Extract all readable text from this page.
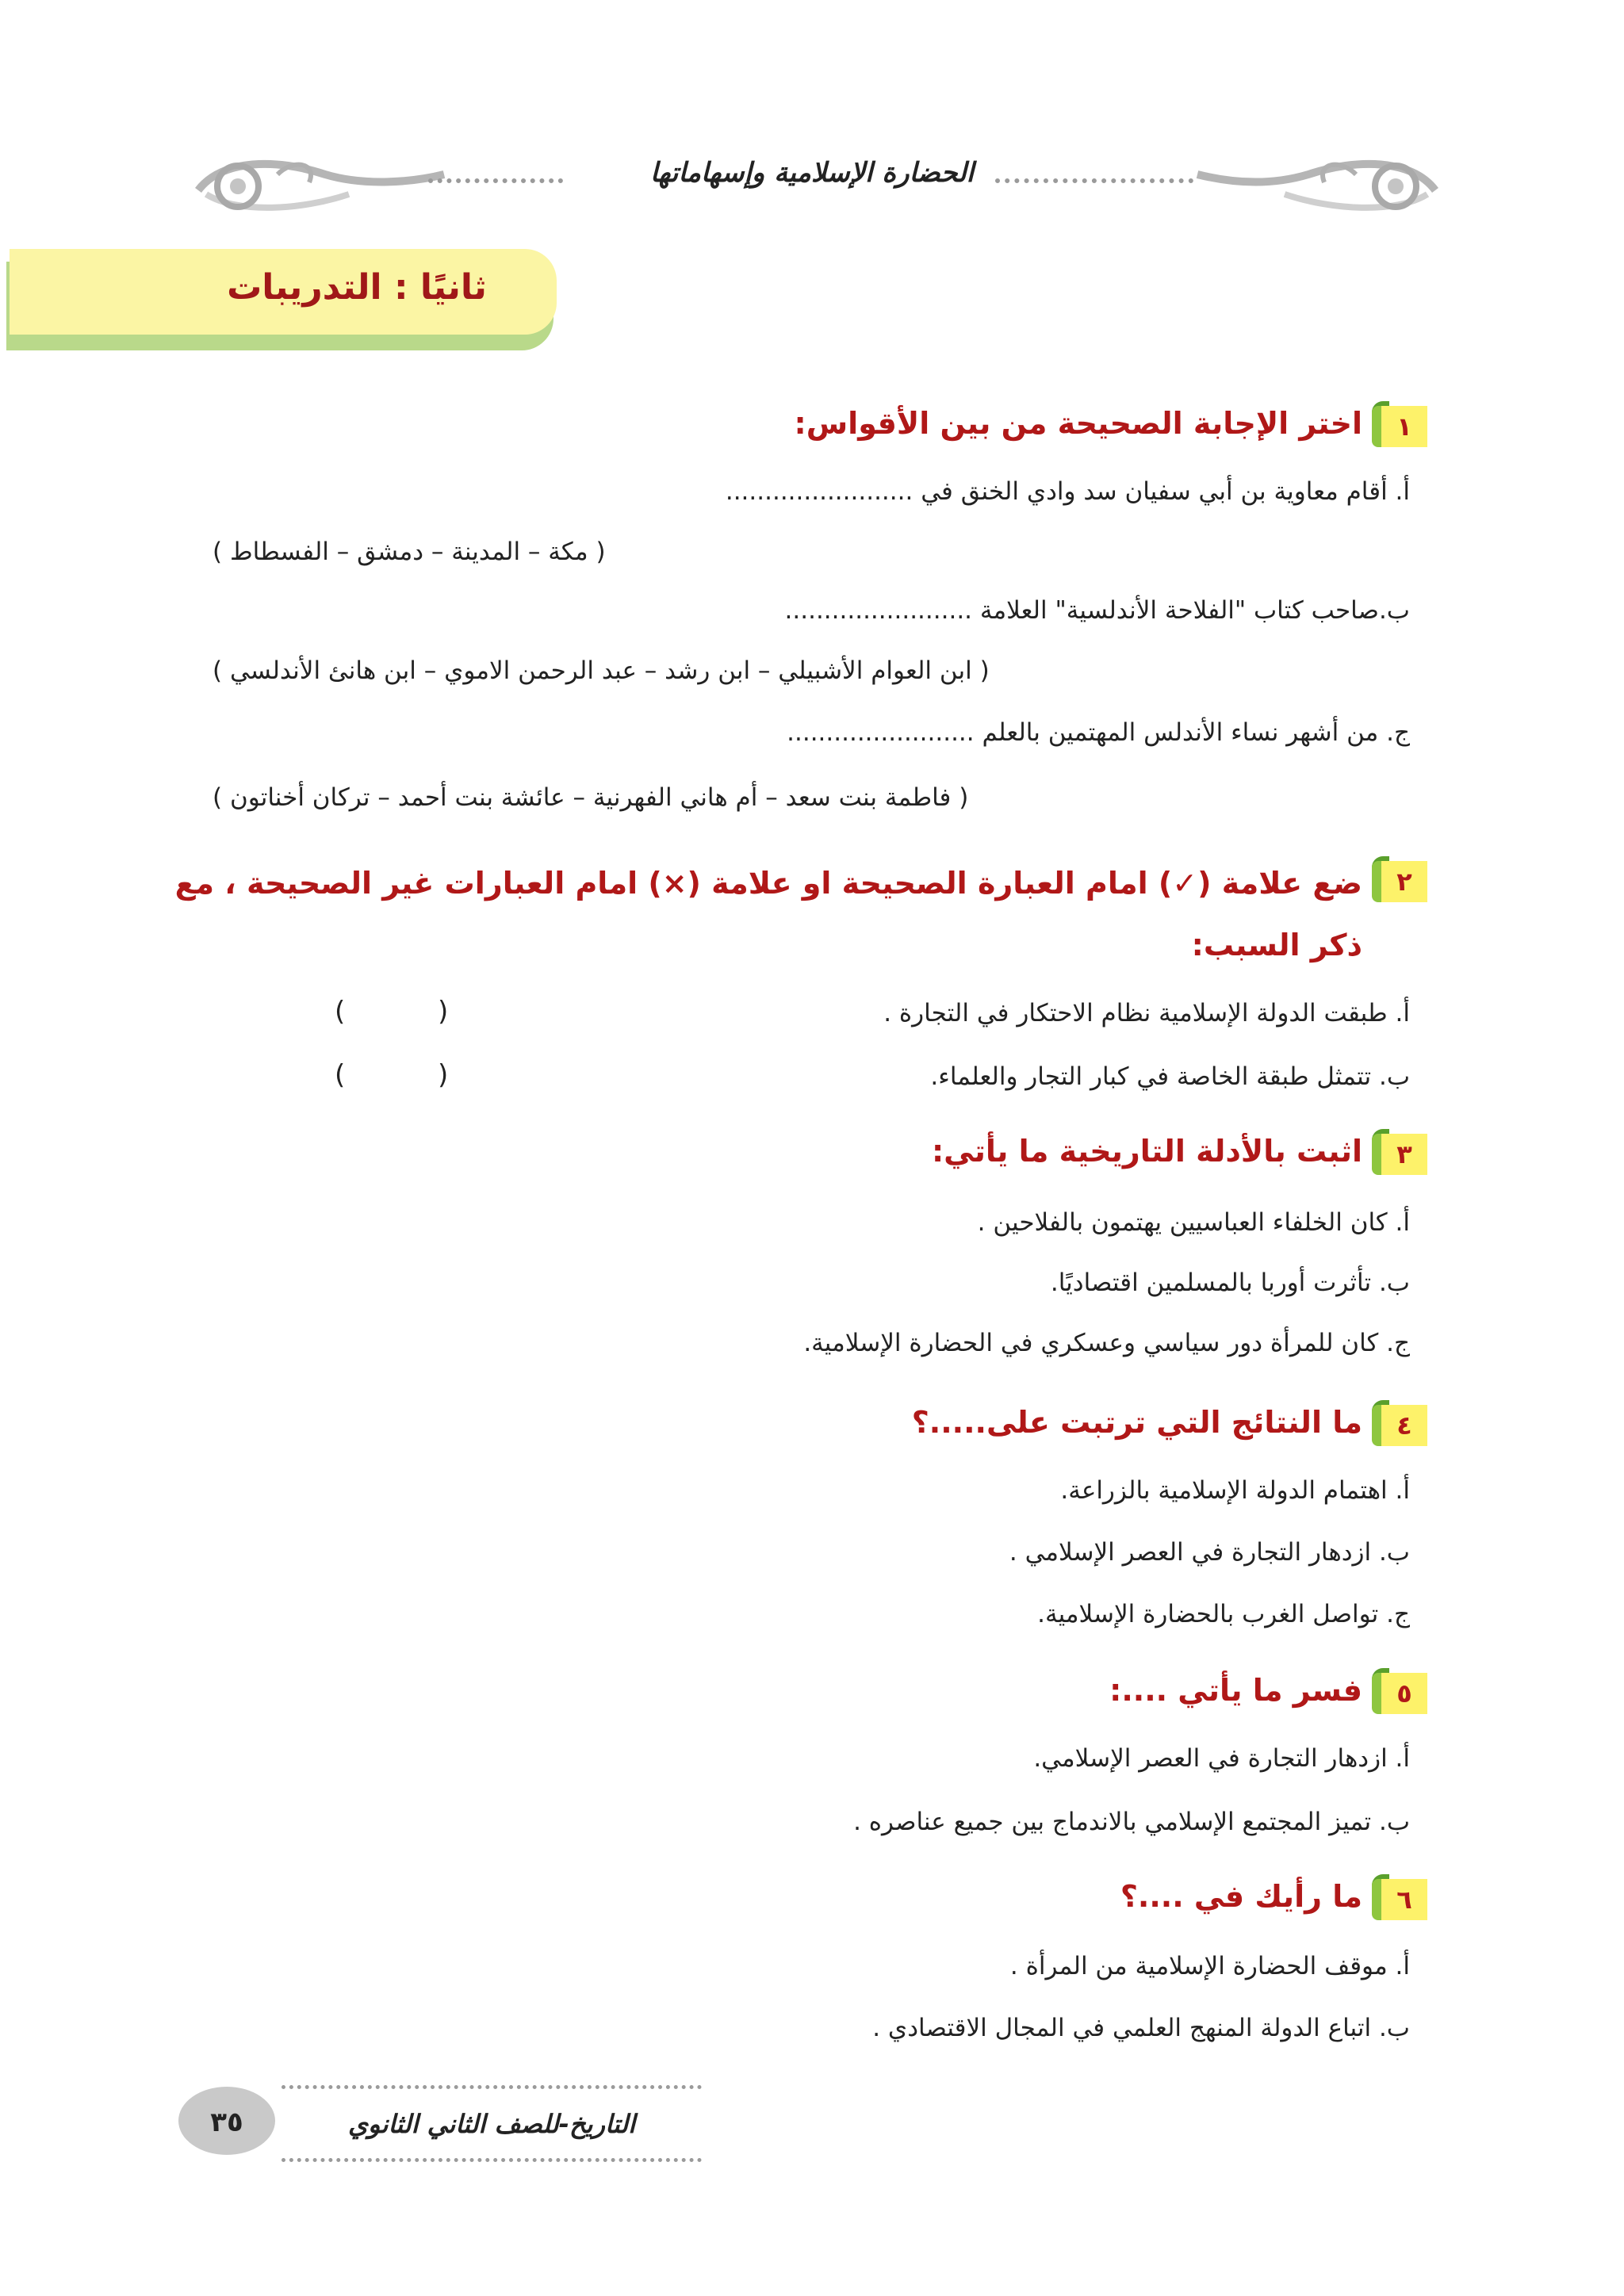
الحضارة الإسلامية وإسهاماتها
ثانيًا : التدريبات
١
اختر الإجابة الصحيحة من بين الأقواس:
أ. أقام معاوية بن أبي سفيان سد وادي الخنق في ........................
( مكة – المدينة – دمشق – الفسطاط )
ب.صاحب كتاب "الفلاحة الأندلسية" العلامة ........................
( ابن العوام الأشبيلي – ابن رشد – عبد الرحمن الاموي – ابن هانئ الأندلسي )
ج. من أشهر نساء الأندلس المهتمين بالعلم ........................
( فاطمة بنت سعد – أم هاني الفهرنية – عائشة بنت أحمد – تركان أخناتون )
٢
ضع علامة (✓) امام العبارة الصحيحة او علامة (×) امام العبارات غير الصحيحة ، مع
ذكر السبب:
أ. طبقت الدولة الإسلامية نظام الاحتكار في التجارة .
(
)
ب. تتمثل طبقة الخاصة في كبار التجار والعلماء.
(
)
٣
اثبت بالأدلة التاريخية ما يأتي:
أ. كان الخلفاء العباسيين يهتمون بالفلاحين .
ب. تأثرت أوربا بالمسلمين اقتصاديًا.
ج. كان للمرأة دور سياسي وعسكري في الحضارة الإسلامية.
٤
ما النتائج التي ترتبت على.....؟
أ. اهتمام الدولة الإسلامية بالزراعة.
ب. ازدهار التجارة في العصر الإسلامي .
ج. تواصل الغرب بالحضارة الإسلامية.
٥
فسر ما يأتي ....:
أ. ازدهار التجارة في العصر الإسلامي.
ب. تميز المجتمع الإسلامي بالاندماج بين جميع عناصره .
٦
ما رأيك في ....؟
أ. موقف الحضارة الإسلامية من المرأة .
ب. اتباع الدولة المنهج العلمي في المجال الاقتصادي .
التاريخ-للصف الثاني الثانوي
٣٥
